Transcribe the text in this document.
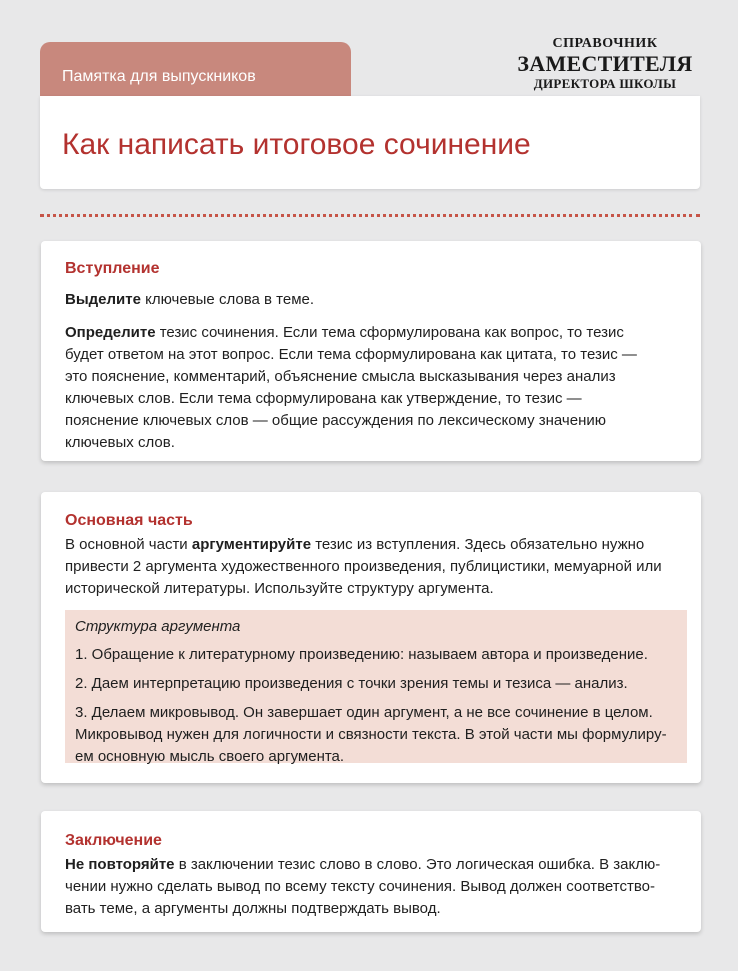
Памятка для выпускников
Как написать итоговое сочинение
СПРАВОЧНИК
ЗАМЕСТИТЕЛЯ
ДИРЕКТОРА ШКОЛЫ
Вступление

Выделите ключевые слова в теме.

Определите тезис сочинения. Если тема сформулирована как вопрос, то тезис будет ответом на этот вопрос. Если тема сформулирована как цитата, то тезис — это пояснение, комментарий, объяснение смысла высказывания через анализ ключевых слов. Если тема сформулирована как утверждение, то тезис — пояснение ключевых слов — общие рассуждения по лексическому значению ключевых слов.

Основная часть

В основной части аргументируйте тезис из вступления. Здесь обязательно нужно привести 2 аргумента художественного произведения, публицистики, мемуарной или исторической литературы. Используйте структуру аргумента.

Структура аргумента

1. Обращение к литературному произведению: называем автора и произведение.

2. Даем интерпретацию произведения с точки зрения темы и тезиса — анализ.

3. Делаем микровывод. Он завершает один аргумент, а не все сочинение в целом. Микровывод нужен для логичности и связности текста. В этой части мы формулируем основную мысль своего аргумента.

Заключение

Не повторяйте в заключении тезис слово в слово. Это логическая ошибка. В заключении нужно сделать вывод по всему тексту сочинения. Вывод должен соответствовать теме, а аргументы должны подтверждать вывод.
